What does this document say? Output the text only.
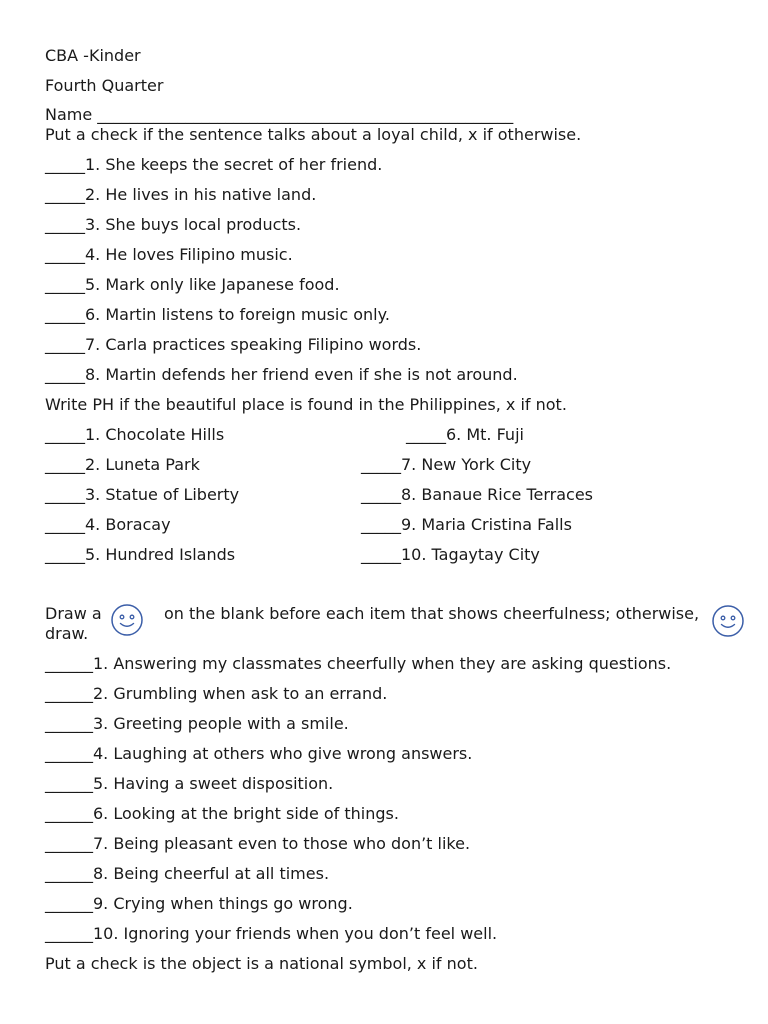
CBA -Kinder
Fourth Quarter
Name ____________________________________________________
Put a check if the sentence talks about a loyal child, x if otherwise.
_____1. She keeps the secret of her friend.
_____2. He lives in his native land.
_____3. She buys local products.
_____4. He loves Filipino music.
_____5. Mark only like Japanese food.
_____6. Martin listens to foreign music only.
_____7. Carla practices speaking Filipino words.
_____8. Martin defends her friend even if she is not around.
Write PH if the beautiful place is found in the Philippines, x if not.
_____1. Chocolate Hills
_____2. Luneta Park
_____3. Statue of Liberty
_____4. Boracay
_____5. Hundred Islands
_____6. Mt. Fuji
_____7. New York City
_____8. Banaue Rice Terraces
_____9. Maria Cristina Falls
_____10. Tagaytay City
Draw a	on the blank before each item that shows cheerfulness; otherwise,
draw.
______1. Answering my classmates cheerfully when they are asking questions.
______2. Grumbling when ask to an errand.
______3. Greeting people with a smile.
______4. Laughing at others who give wrong answers.
______5. Having a sweet disposition.
______6. Looking at the bright side of things.
______7. Being pleasant even to those who don’t like.
______8. Being cheerful at all times.
______9. Crying when things go wrong.
______10. Ignoring your friends when you don’t feel well.
Put a check is the object is a national symbol, x if not.
